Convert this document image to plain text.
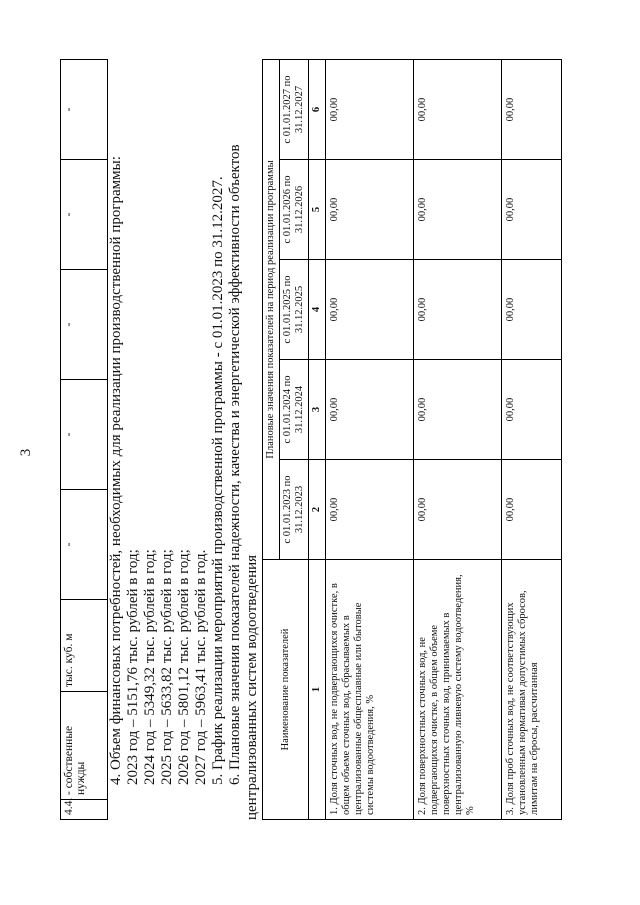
3
4.4.	- собственные нужды	тыс. куб. м	-	-	-	-	-
4. Объем финансовых потребностей, необходимых для реализации производственной программы: 2023 год – 5151,76 тыс. рублей в год; 2024 год – 5349,32 тыс. рублей в год; 2025 год – 5633,82 тыс. рублей в год; 2026 год – 5801,12 тыс. рублей в год; 2027 год – 5963,41 тыс. рублей в год. 5. График реализации мероприятий производственной программы - с 01.01.2023 по 31.12.2027. 6. Плановые значения показателей надежности, качества и энергетической эффективности объектов централизованных систем водоотведения Наименование показателей	Плановые значения показателей на период реализации программы				
	с 01.01.2023 по 31.12.2023	с 01.01.2024 по 31.12.2024	с 01.01.2025 по 31.12.2025	с 01.01.2026 по 31.12.2026	с 01.01.2027 по 31.12.2027
1	2	3	4	5	6
1. Доля сточных вод, не подвергающихся очистке, в общем объеме сточных вод, сбрасываемых в централизованные общесплавные или бытовые системы водоотведения, %	00,00	00,00	00,00	00,00	00,00
2. Доля поверхностных сточных вод, не подвергающихся очистке, в общем объеме поверхностных сточных вод, принимаемых в централизованную ливневую систему водоотведения, %	00,00	00,00	00,00	00,00	00,00
3. Доля проб сточных вод, не соответствующих установленным нормативам допустимых сбросов, лимитам на сбросы, рассчитанная	00,00	00,00	00,00	00,00	00,00
